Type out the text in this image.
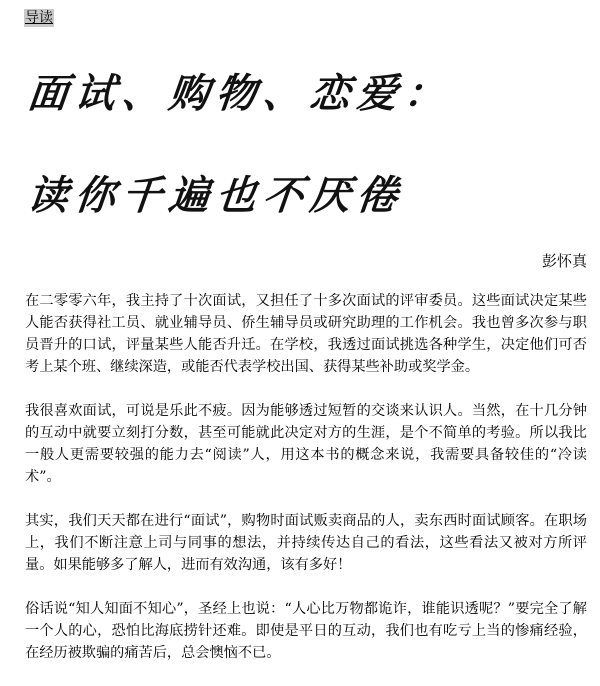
导读
面试、购物、恋爱：
读你千遍也不厌倦
彭怀真

在二零零六年，我主持了十次面试，又担任了十多次面试的评审委员。这些面试决定某些人能否获得社工员、就业辅导员、侨生辅导员或研究助理的工作机会。我也曾多次参与职员晋升的口试，评量某些人能否升迁。在学校，我透过面试挑选各种学生，决定他们可否考上某个班、继续深造，或能否代表学校出国、获得某些补助或奖学金。

我很喜欢面试，可说是乐此不疲。因为能够透过短暂的交谈来认识人。当然，在十几分钟的互动中就要立刻打分数，甚至可能就此决定对方的生涯，是个不简单的考验。所以我比一般人更需要较强的能力去“阅读”人，用这本书的概念来说，我需要具备较佳的“冷读术”。

其实，我们天天都在进行“面试”，购物时面试贩卖商品的人，卖东西时面试顾客。在职场上，我们不断注意上司与同事的想法，并持续传达自己的看法，这些看法又被对方所评量。如果能够多了解人，进而有效沟通，该有多好！

俗话说“知人知面不知心”，圣经上也说：“人心比万物都诡诈，谁能识透呢？”要完全了解一个人的心，恐怕比海底捞针还难。即使是平日的互动，我们也有吃亏上当的惨痛经验，在经历被欺骗的痛苦后，总会懊恼不已。
